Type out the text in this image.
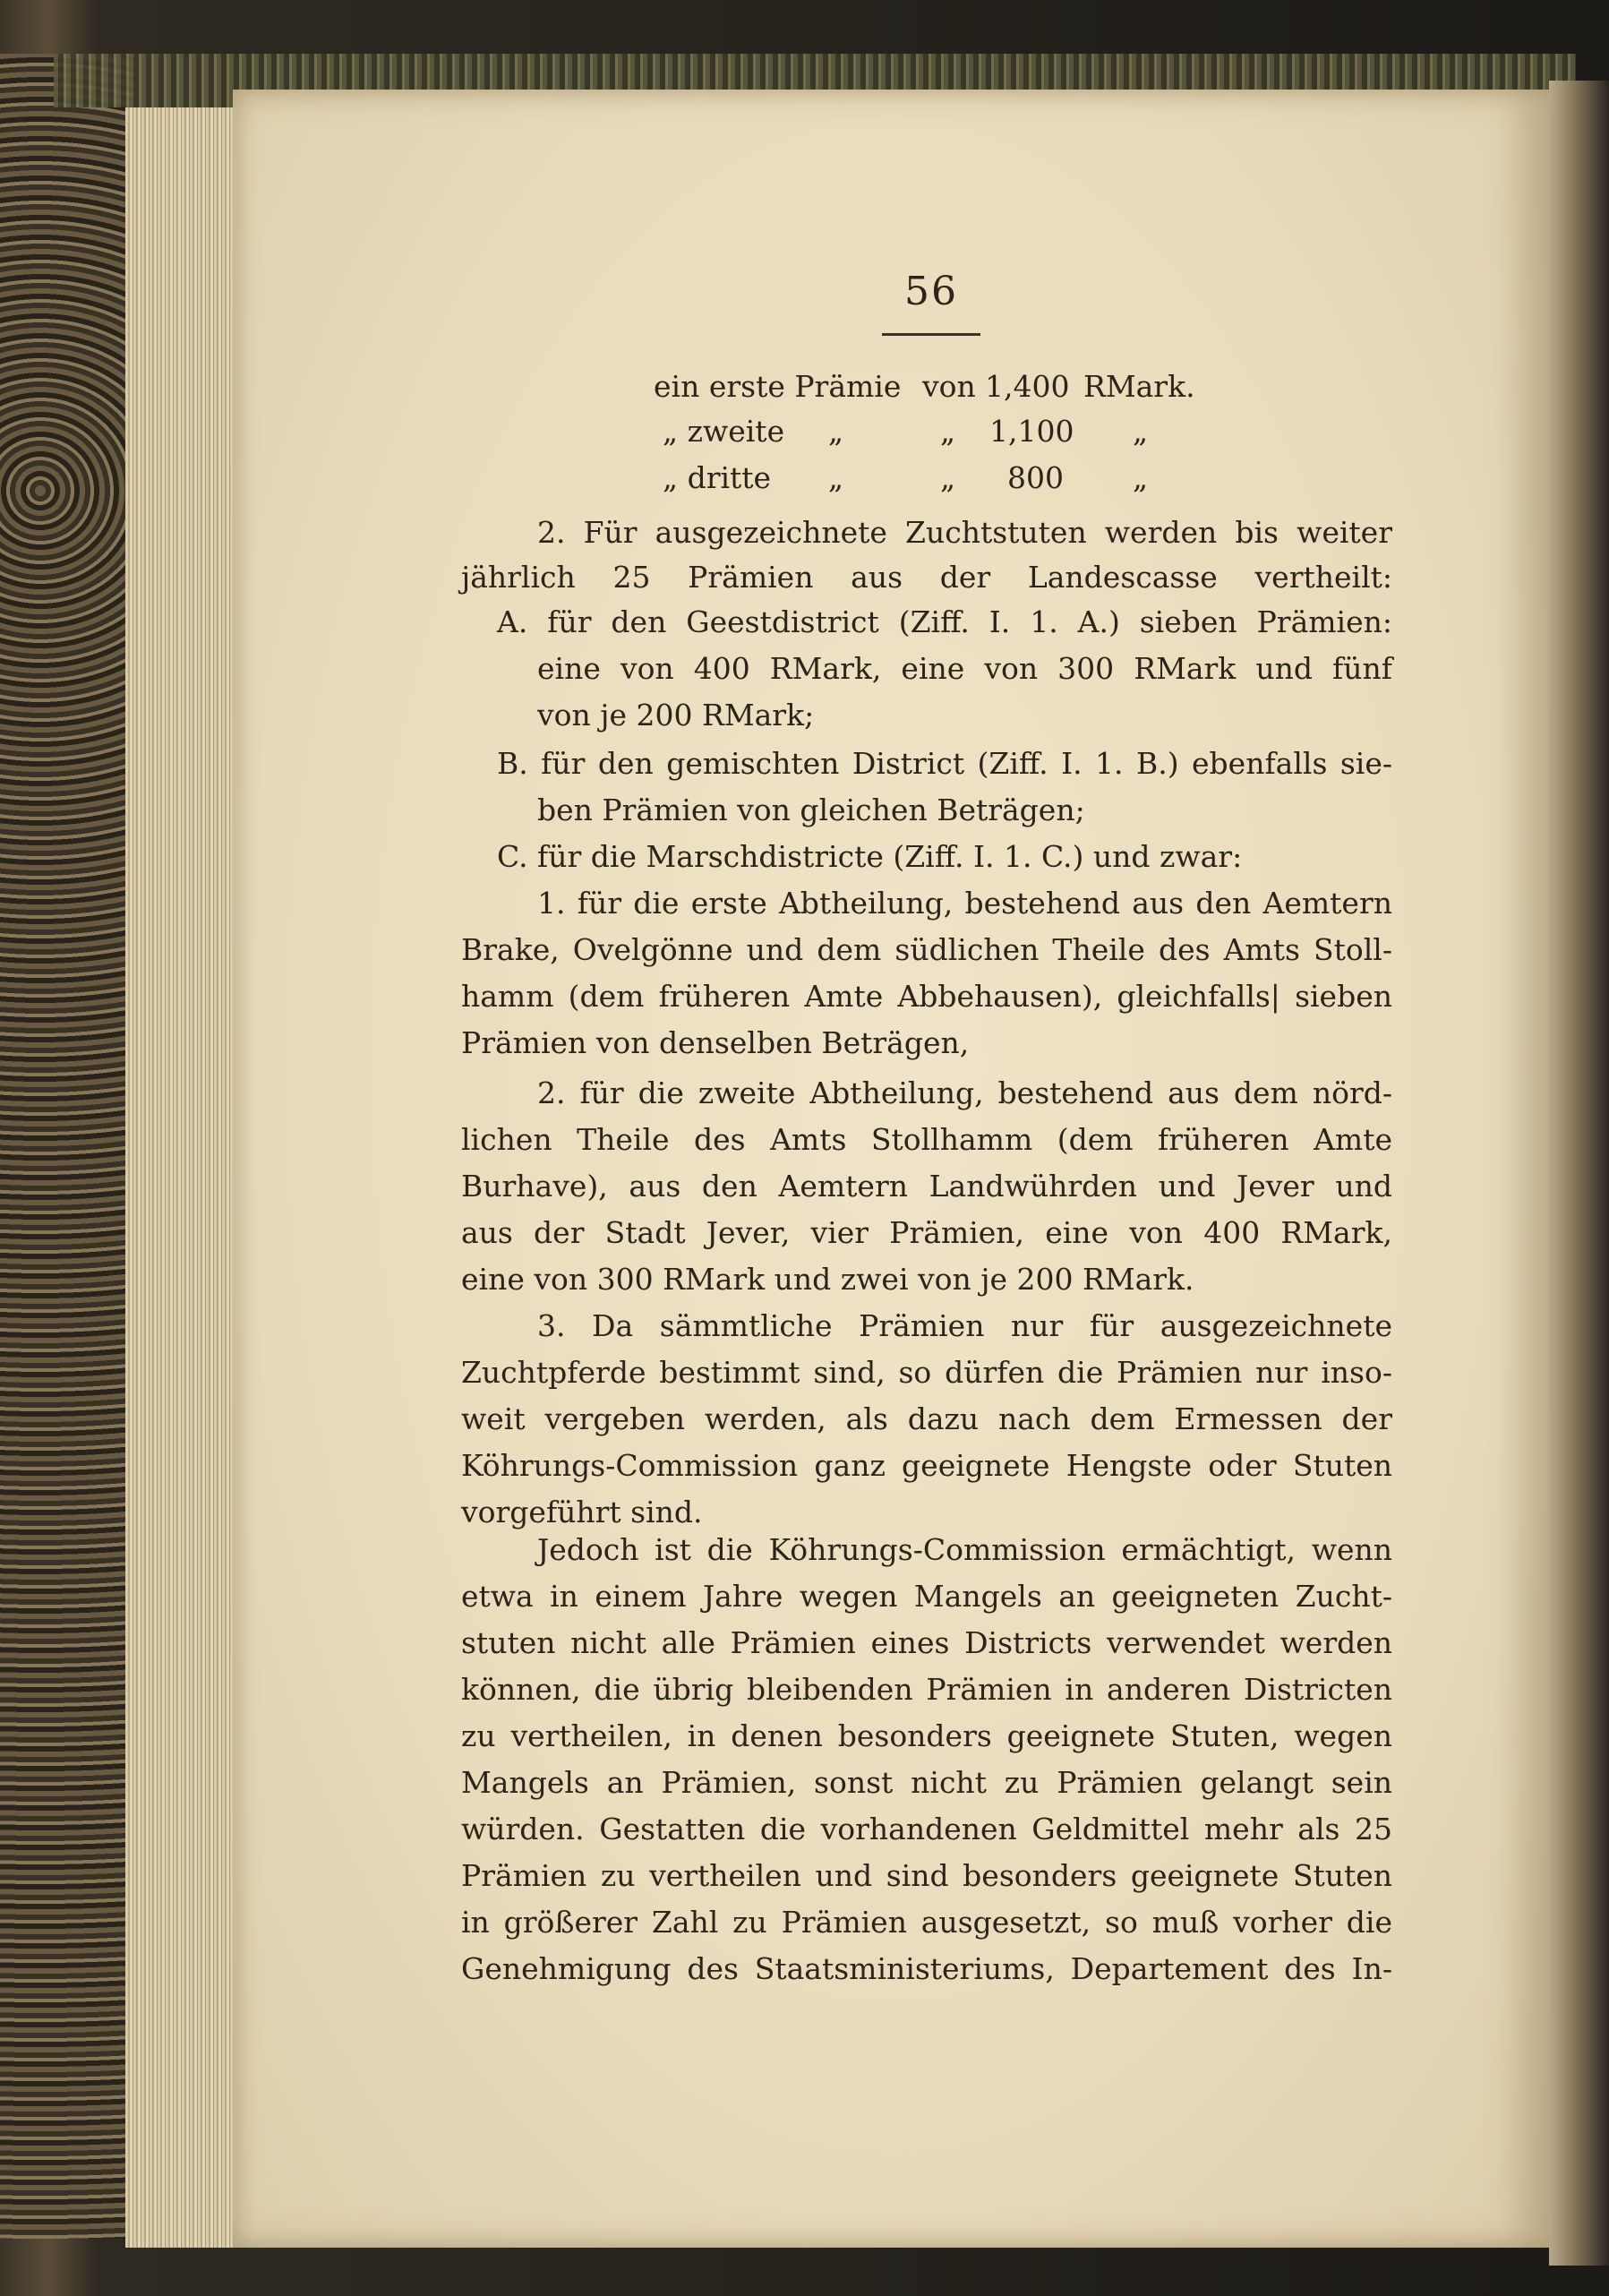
56
ein erste Prämie von 1,400 RMark.
„ zweite „	„ 1,100 „
„ dritte „	„ 800 „
2. Für ausgezeichnete Zuchtstuten werden bis weiter
jährlich 25 Prämien aus der Landescasse vertheilt:
A. für den Geestdistrict (Ziff. I. 1. A.) sieben Prämien:
eine von 400 RMark, eine von 300 RMark und fünf
von je 200 RMark;
B. für den gemischten District (Ziff. I. 1. B.) ebenfalls sie-
ben Prämien von gleichen Beträgen;
C. für die Marschdistricte (Ziff. I. 1. C.) und zwar:
1. für die erste Abtheilung, bestehend aus den Aemtern
Brake, Ovelgönne und dem südlichen Theile des Amts Stoll-
hamm (dem früheren Amte Abbehausen), gleichfalls| sieben
Prämien von denselben Beträgen,
2. für die zweite Abtheilung, bestehend aus dem nörd-
lichen Theile des Amts Stollhamm (dem früheren Amte
Burhave), aus den Aemtern Landwührden und Jever und
aus der Stadt Jever, vier Prämien, eine von 400 RMark,
eine von 300 RMark und zwei von je 200 RMark.
3. Da sämmtliche Prämien nur für ausgezeichnete
Zuchtpferde bestimmt sind, so dürfen die Prämien nur inso-
weit vergeben werden, als dazu nach dem Ermessen der
Köhrungs-Commission ganz geeignete Hengste oder Stuten
vorgeführt sind.
Jedoch ist die Köhrungs-Commission ermächtigt, wenn
etwa in einem Jahre wegen Mangels an geeigneten Zucht-
stuten nicht alle Prämien eines Districts verwendet werden
können, die übrig bleibenden Prämien in anderen Districten
zu vertheilen, in denen besonders geeignete Stuten, wegen
Mangels an Prämien, sonst nicht zu Prämien gelangt sein
würden. Gestatten die vorhandenen Geldmittel mehr als 25
Prämien zu vertheilen und sind besonders geeignete Stuten
in größerer Zahl zu Prämien ausgesetzt, so muß vorher die
Genehmigung des Staatsministeriums, Departement des In-
